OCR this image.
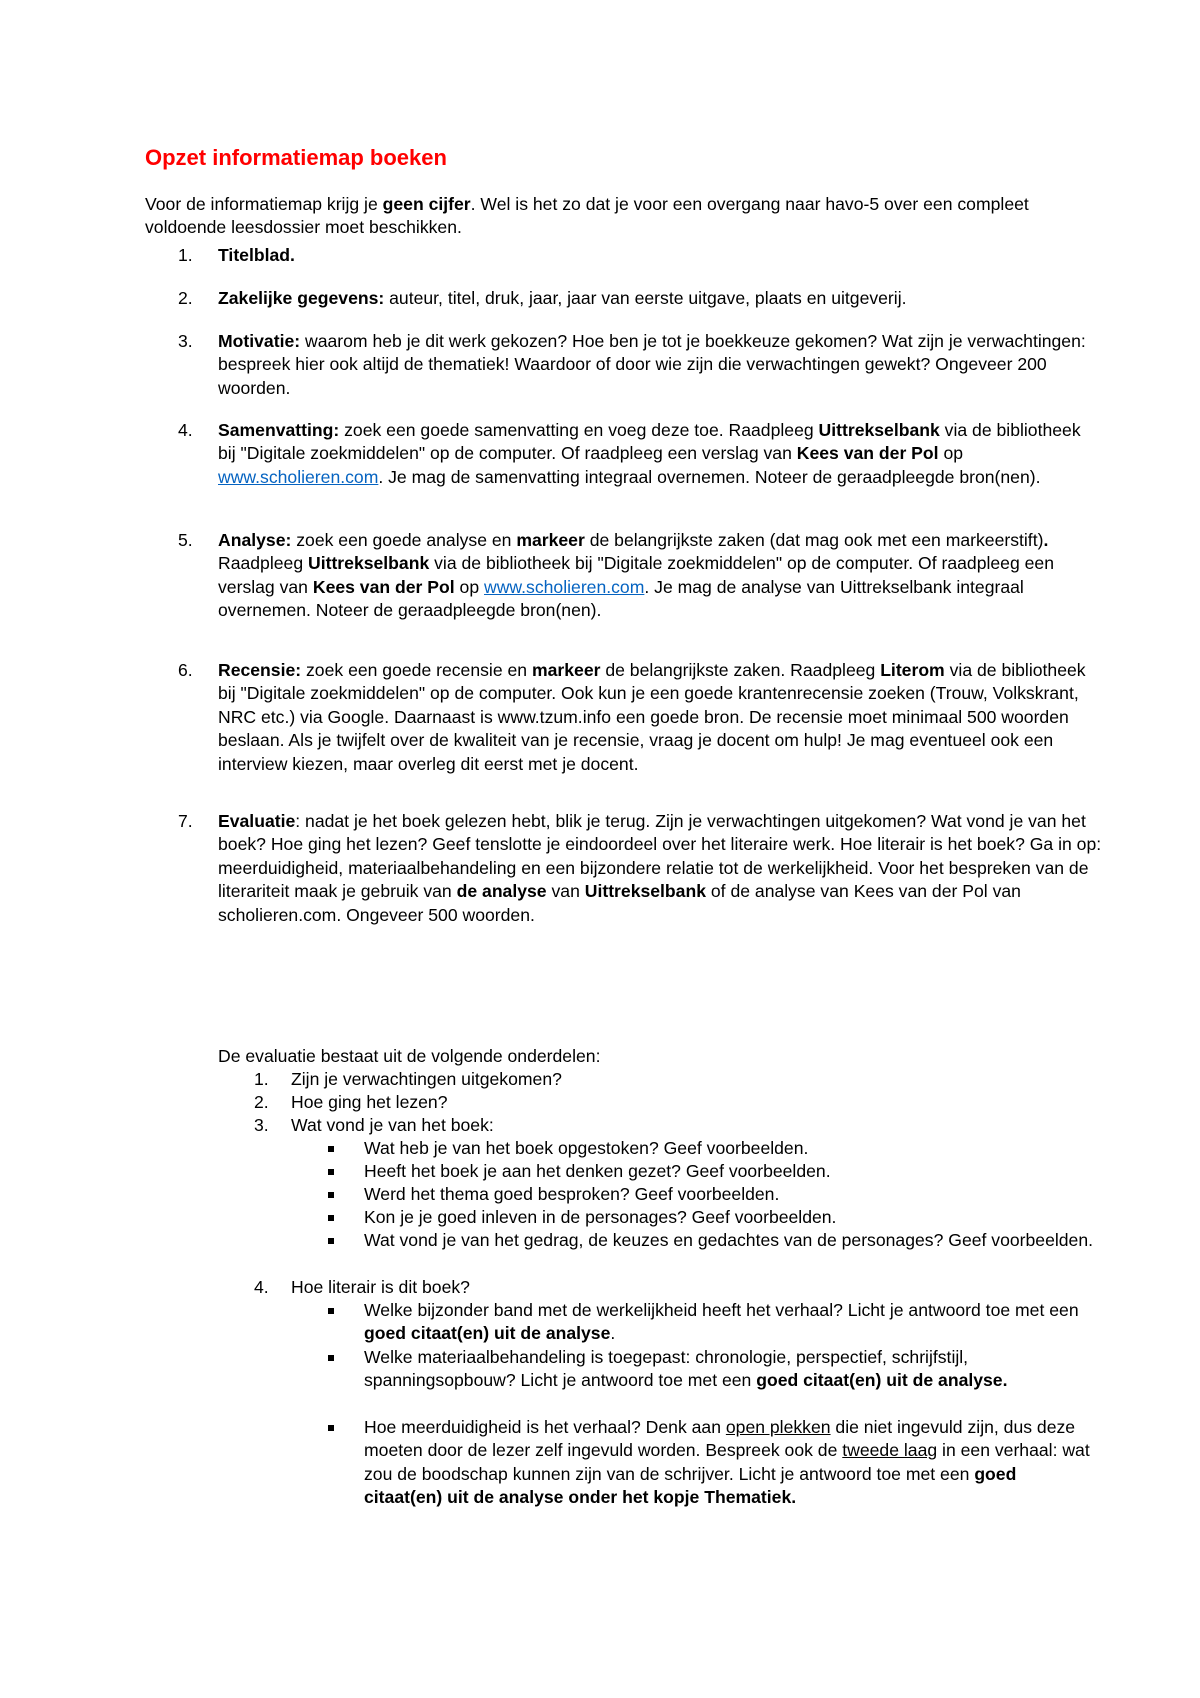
Opzet informatiemap boeken

Voor de informatiemap krijg je geen cijfer. Wel is het zo dat je voor een overgang naar havo-5 over een compleet voldoende leesdossier moet beschikken.

1. Titelblad.

2. Zakelijke gegevens: auteur, titel, druk, jaar, jaar van eerste uitgave, plaats en uitgeverij.

3. Motivatie: waarom heb je dit werk gekozen? Hoe ben je tot je boekkeuze gekomen? Wat zijn je verwachtingen: bespreek hier ook altijd de thematiek! Waardoor of door wie zijn die verwachtingen gewekt? Ongeveer 200 woorden.

4. Samenvatting: zoek een goede samenvatting en voeg deze toe. Raadpleeg Uittrekselbank via de bibliotheek bij "Digitale zoekmiddelen" op de computer. Of raadpleeg een verslag van Kees van der Pol op www.scholieren.com. Je mag de samenvatting integraal overnemen. Noteer de geraadpleegde bron(nen).

5. Analyse: zoek een goede analyse en markeer de belangrijkste zaken (dat mag ook met een markeerstift). Raadpleeg Uittrekselbank via de bibliotheek bij "Digitale zoekmiddelen" op de computer. Of raadpleeg een verslag van Kees van der Pol op www.scholieren.com. Je mag de analyse van Uittrekselbank integraal overnemen. Noteer de geraadpleegde bron(nen).

6. Recensie: zoek een goede recensie en markeer de belangrijkste zaken. Raadpleeg Literom via de bibliotheek bij "Digitale zoekmiddelen" op de computer. Ook kun je een goede krantenrecensie zoeken (Trouw, Volkskrant, NRC etc.) via Google. Daarnaast is www.tzum.info een goede bron. De recensie moet minimaal 500 woorden beslaan. Als je twijfelt over de kwaliteit van je recensie, vraag je docent om hulp! Je mag eventueel ook een interview kiezen, maar overleg dit eerst met je docent.

7. Evaluatie: nadat je het boek gelezen hebt, blik je terug. Zijn je verwachtingen uitgekomen? Wat vond je van het boek? Hoe ging het lezen? Geef tenslotte je eindoordeel over het literaire werk. Hoe literair is het boek? Ga in op: meerduidigheid, materiaalbehandeling en een bijzondere relatie tot de werkelijkheid. Voor het bespreken van de literariteit maak je gebruik van de analyse van Uittrekselbank of de analyse van Kees van der Pol van scholieren.com. Ongeveer 500 woorden.

De evaluatie bestaat uit de volgende onderdelen:
1. Zijn je verwachtingen uitgekomen?
2. Hoe ging het lezen?
3. Wat vond je van het boek:
Wat heb je van het boek opgestoken? Geef voorbeelden.
Heeft het boek je aan het denken gezet? Geef voorbeelden.
Werd het thema goed besproken? Geef voorbeelden.
Kon je je goed inleven in de personages? Geef voorbeelden.
Wat vond je van het gedrag, de keuzes en gedachtes van de personages? Geef voorbeelden.
4. Hoe literair is dit boek?
Welke bijzonder band met de werkelijkheid heeft het verhaal? Licht je antwoord toe met een goed citaat(en) uit de analyse.
Welke materiaalbehandeling is toegepast: chronologie, perspectief, schrijfstijl, spanningsopbouw? Licht je antwoord toe met een goed citaat(en) uit de analyse.
Hoe meerduidigheid is het verhaal? Denk aan open plekken die niet ingevuld zijn, dus deze moeten door de lezer zelf ingevuld worden. Bespreek ook de tweede laag in een verhaal: wat zou de boodschap kunnen zijn van de schrijver. Licht je antwoord toe met een goed citaat(en) uit de analyse onder het kopje Thematiek.
